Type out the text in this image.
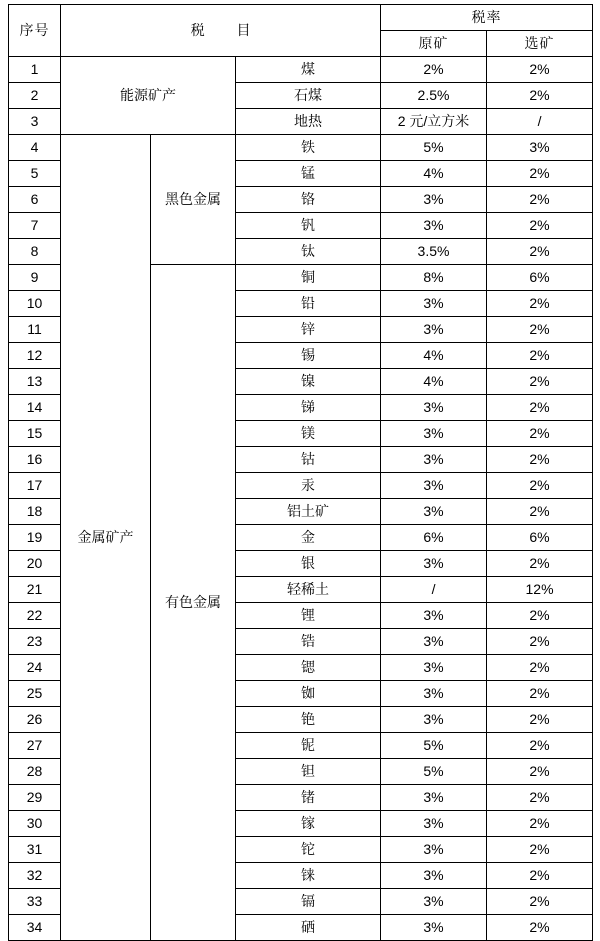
序号	税 目			税率	
				原矿	选矿
1	能源矿产		煤	2%	2%
2			石煤	2.5%	2%
3			地热	2 元/立方米	/
4	金属矿产	黑色金属	铁	5%	3%
5			锰	4%	2%
6			铬	3%	2%
7			钒	3%	2%
8			钛	3.5%	2%
9		有色金属	铜	8%	6%
10			铅	3%	2%
11			锌	3%	2%
12			锡	4%	2%
13			镍	4%	2%
14			锑	3%	2%
15			镁	3%	2%
16			钴	3%	2%
17			汞	3%	2%
18			铝土矿	3%	2%
19			金	6%	6%
20			银	3%	2%
21			轻稀土	/	12%
22			锂	3%	2%
23			锆	3%	2%
24			锶	3%	2%
25			铷	3%	2%
26			铯	3%	2%
27			铌	5%	2%
28			钽	5%	2%
29			锗	3%	2%
30			镓	3%	2%
31			铊	3%	2%
32			铼	3%	2%
33			镉	3%	2%
34			硒	3%	2%
